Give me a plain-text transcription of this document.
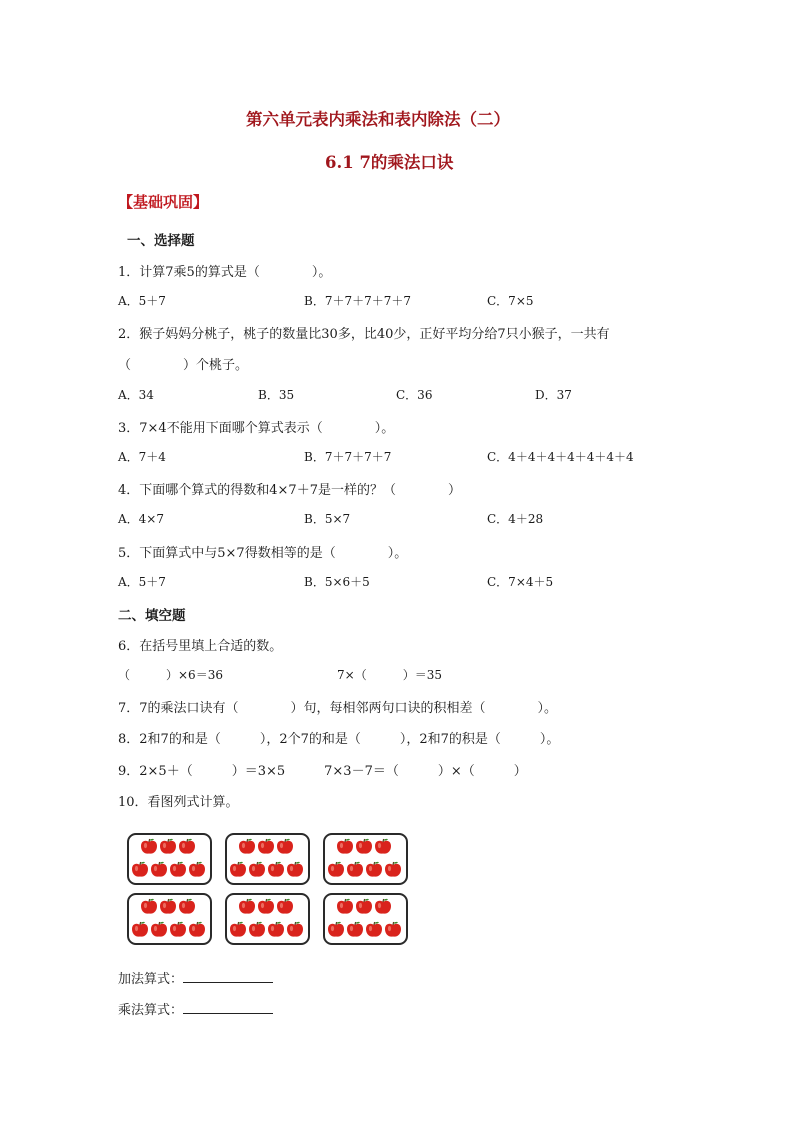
第六单元表内乘法和表内除法（二）
6.1 7的乘法口诀
【基础巩固】
一、选择题
1．计算7乘5的算式是（　　　　）。
A．5＋7	B．7＋7＋7＋7＋7	C．7×5
2．猴子妈妈分桃子，桃子的数量比30多，比40少，正好平均分给7只小猴子，一共有
（　　　　）个桃子。
A．34	B．35	C．36	D．37
3．7×4不能用下面哪个算式表示（　　　　）。
A．7＋4	B．7＋7＋7＋7	C．4＋4＋4＋4＋4＋4＋4
4．下面哪个算式的得数和4×7＋7是一样的？（　　　　）
A．4×7	B．5×7	C．4＋28
5．下面算式中与5×7得数相等的是（　　　　）。
A．5＋7	B．5×6＋5	C．7×4＋5
二、填空题
6．在括号里填上合适的数。
（　　　）×6＝36	7×（　　　）＝35
7．7的乘法口诀有（　　　　）句，每相邻两句口诀的积相差（　　　　）。
8．2和7的和是（　　　），2个7的和是（　　　），2和7的积是（　　　）。
9．2×5＋（　　　）＝3×5　　　7×3－7＝（　　　）×（　　　）
10．看图列式计算。
加法算式：
乘法算式：
